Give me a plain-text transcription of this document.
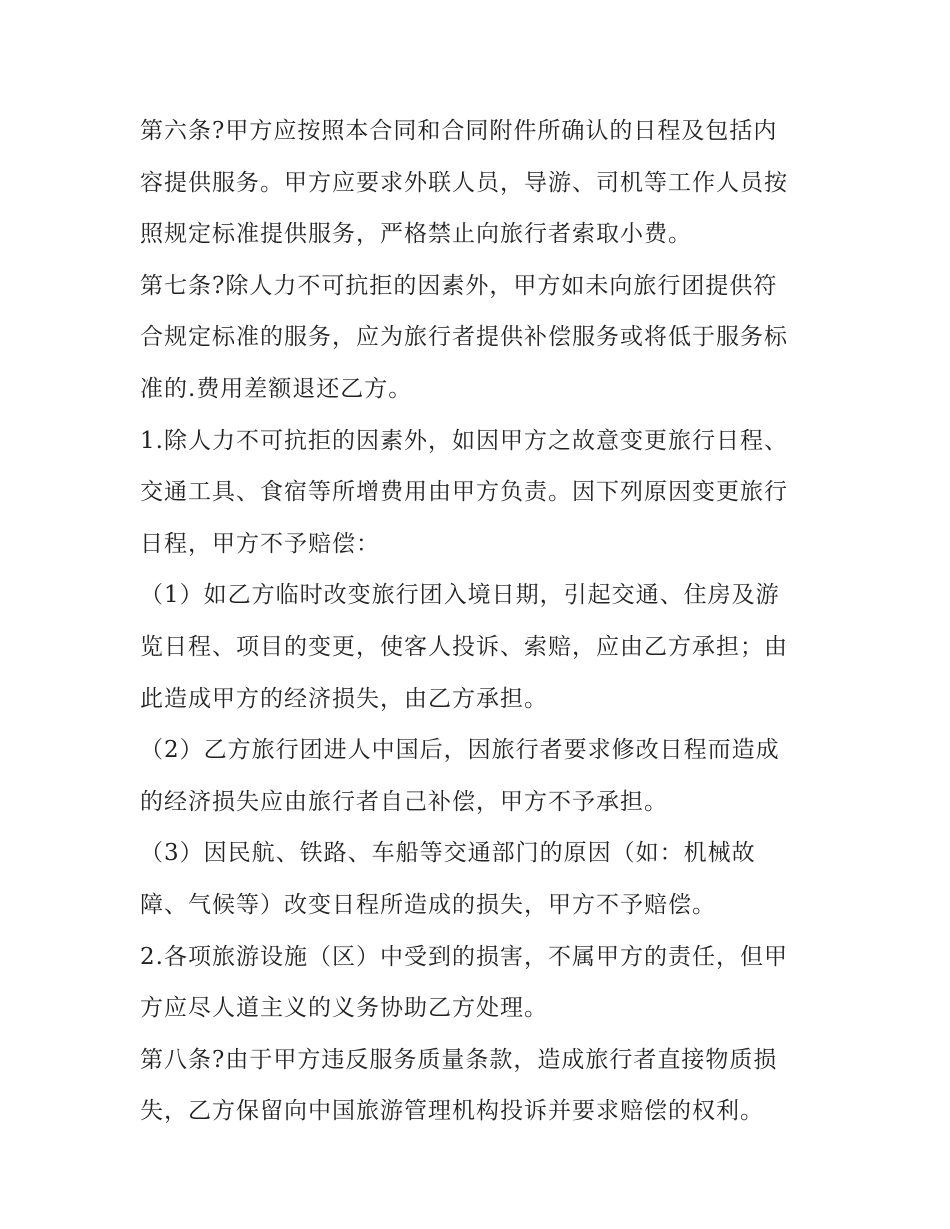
第六条?甲方应按照本合同和合同附件所确认的日程及包括内
容提供服务。甲方应要求外联人员，导游、司机等工作人员按
照规定标准提供服务，严格禁止向旅行者索取小费。

第七条?除人力不可抗拒的因素外，甲方如未向旅行团提供符
合规定标准的服务，应为旅行者提供补偿服务或将低于服务标
准的.费用差额退还乙方。

1.除人力不可抗拒的因素外，如因甲方之故意变更旅行日程、
交通工具、食宿等所增费用由甲方负责。因下列原因变更旅行
日程，甲方不予赔偿：

（1）如乙方临时改变旅行团入境日期，引起交通、住房及游
览日程、项目的变更，使客人投诉、索赔，应由乙方承担；由
此造成甲方的经济损失，由乙方承担。

（2）乙方旅行团进人中国后，因旅行者要求修改日程而造成
的经济损失应由旅行者自己补偿，甲方不予承担。

（3）因民航、铁路、车船等交通部门的原因（如：机械故
障、气候等）改变日程所造成的损失，甲方不予赔偿。

2.各项旅游设施（区）中受到的损害，不属甲方的责任，但甲
方应尽人道主义的义务协助乙方处理。

第八条?由于甲方违反服务质量条款，造成旅行者直接物质损
失，乙方保留向中国旅游管理机构投诉并要求赔偿的权利。
